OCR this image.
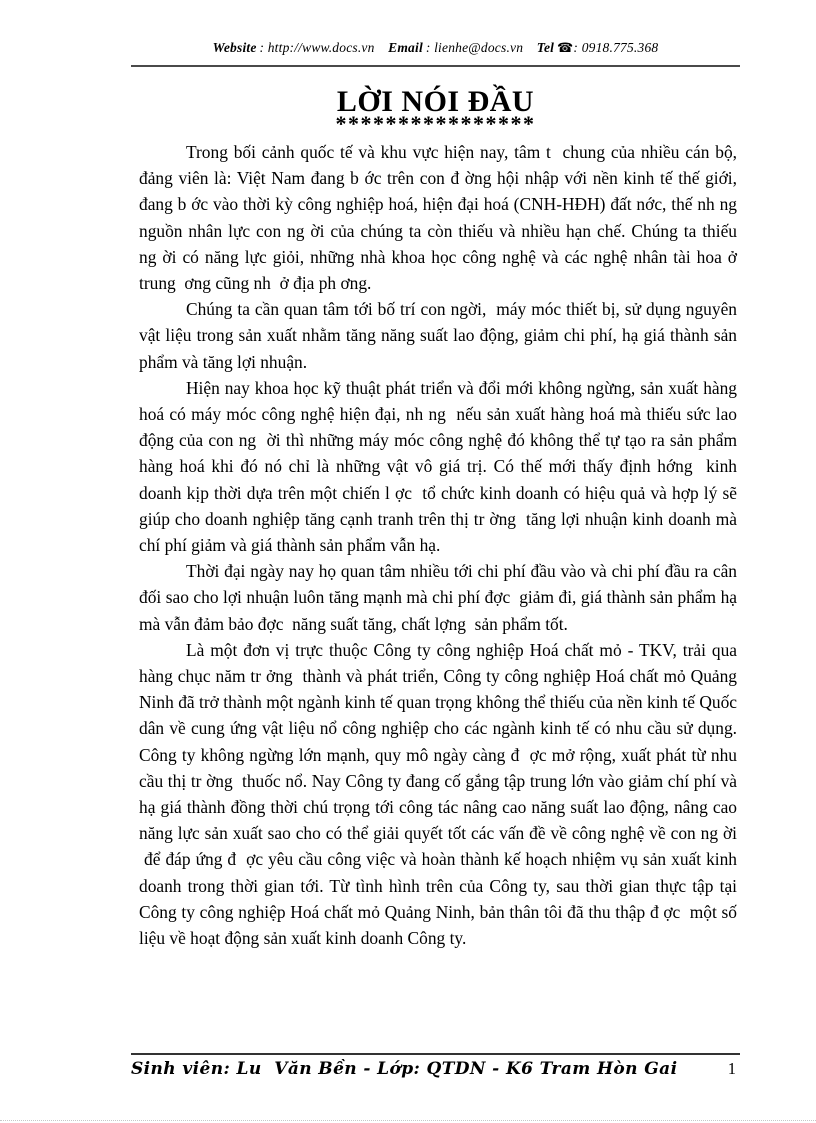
Website  : http://www.docs.vn Email  : lienhe@docs.vn Tel  ☎: 0918.775.368
LỜI NÓI ĐẦU
****************

Trong bối cảnh quốc tế và khu vực hiện nay, tâm t  chung của nhiều cán bộ, đảng viên là: Việt Nam đang b ớc trên con đ ờng hội nhập với nền kinh tế thế giới, đang b ớc vào thời kỳ công nghiệp hoá, hiện đại hoá (CNH-HĐH) đất nớc, thế nh ng nguồn nhân lực con ng ời của chúng ta còn thiếu và nhiều hạn chế. Chúng ta thiếu ng ời có năng lực giỏi, những nhà khoa học công nghệ và các nghệ nhân tài hoa ở trung  ơng cũng nh  ở địa ph ơng.

Chúng ta cần quan tâm tới bố trí con ngời,  máy móc thiết bị, sử dụng nguyên vật liệu trong sản xuất nhằm tăng năng suất lao động, giảm chi phí, hạ giá thành sản phẩm và tăng lợi nhuận.

Hiện nay khoa học kỹ thuật phát triển và đổi mới không ngừng, sản xuất hàng hoá có máy móc công nghệ hiện đại, nh ng  nếu sản xuất hàng hoá mà thiếu sức lao động của con ng  ời thì những máy móc công nghệ đó không thể tự tạo ra sản phẩm hàng hoá khi đó nó chỉ là những vật vô giá trị. Có thế mới thấy định hớng  kinh doanh kịp thời dựa trên một chiến l ợc  tổ chức kinh doanh có hiệu quả và hợp lý sẽ giúp cho doanh nghiệp tăng cạnh tranh trên thị tr ờng  tăng lợi nhuận kinh doanh mà chí phí giảm và giá thành sản phẩm vẫn hạ.

Thời đại ngày nay họ quan tâm nhiều tới chi phí đầu vào và chi phí đầu ra cân đối sao cho lợi nhuận luôn tăng mạnh mà chi phí đợc  giảm đi, giá thành sản phẩm hạ mà vẫn đảm bảo đợc  năng suất tăng, chất lợng  sản phẩm tốt.

Là một đơn vị trực thuộc Công ty công nghiệp Hoá chất mỏ - TKV, trải qua hàng chục năm tr ởng  thành và phát triển, Công ty công nghiệp Hoá chất mỏ Quảng Ninh đã trở thành một ngành kinh tế quan trọng không thể thiếu của nền kinh tế Quốc dân về cung ứng vật liệu nổ công nghiệp cho các ngành kinh tế có nhu cầu sử dụng. Công ty không ngừng lớn mạnh, quy mô ngày càng đ  ợc mở rộng, xuất phát từ nhu cầu thị tr ờng  thuốc nổ. Nay Công ty đang cố gắng tập trung lớn vào giảm chí phí và hạ giá thành đồng thời chú trọng tới công tác nâng cao năng suất lao động, nâng cao năng lực sản xuất sao cho có thể giải quyết tốt các vấn đề về công nghệ về con ng ời  để đáp ứng đ  ợc yêu cầu công việc và hoàn thành kế hoạch nhiệm vụ sản xuất kinh doanh trong thời gian tới. Từ tình hình trên của Công ty, sau thời gian thực tập tại Công ty công nghiệp Hoá chất mỏ Quảng Ninh, bản thân tôi đã thu thập đ ợc  một số liệu về hoạt động sản xuất kinh doanh Công ty.

Sinh viên: Lu  Văn Bền - Lớp: QTDN - K6 Tram Hòn Gai	1
